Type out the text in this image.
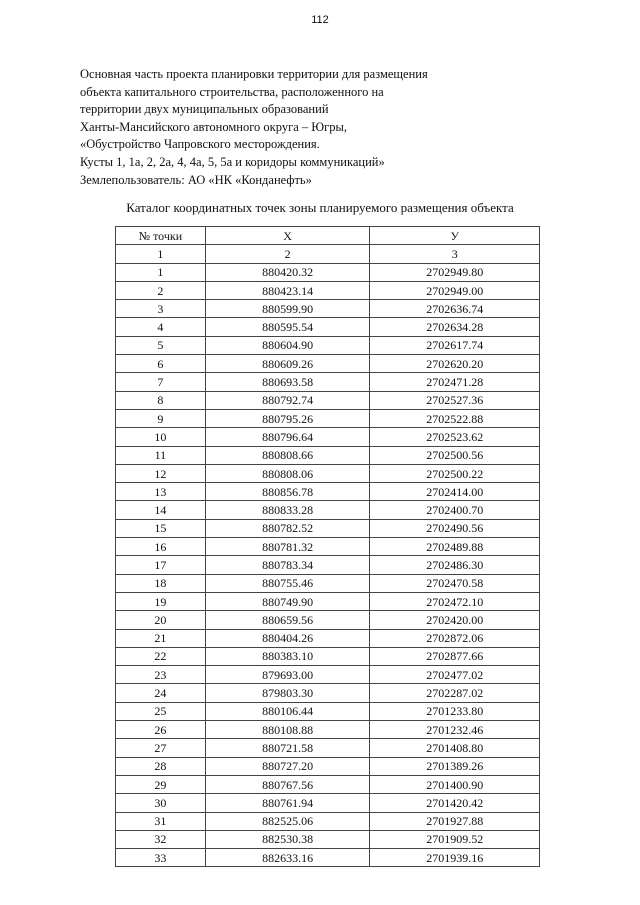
112
Основная часть проекта планировки территории для размещения
объекта капитального строительства, расположенного на
территории двух муниципальных образований
Ханты-Мансийского автономного округа – Югры,
«Обустройство Чапровского месторождения.
Кусты 1, 1а, 2, 2а, 4, 4а, 5, 5а и коридоры коммуникаций»
Землепользователь: АО «НК «Конданефть»
Каталог координатных точек зоны планируемого размещения объекта
№ точки	Х	У
1	2	3
1	880420.32	2702949.80
2	880423.14	2702949.00
3	880599.90	2702636.74
4	880595.54	2702634.28
5	880604.90	2702617.74
6	880609.26	2702620.20
7	880693.58	2702471.28
8	880792.74	2702527.36
9	880795.26	2702522.88
10	880796.64	2702523.62
11	880808.66	2702500.56
12	880808.06	2702500.22
13	880856.78	2702414.00
14	880833.28	2702400.70
15	880782.52	2702490.56
16	880781.32	2702489.88
17	880783.34	2702486.30
18	880755.46	2702470.58
19	880749.90	2702472.10
20	880659.56	2702420.00
21	880404.26	2702872.06
22	880383.10	2702877.66
23	879693.00	2702477.02
24	879803.30	2702287.02
25	880106.44	2701233.80
26	880108.88	2701232.46
27	880721.58	2701408.80
28	880727.20	2701389.26
29	880767.56	2701400.90
30	880761.94	2701420.42
31	882525.06	2701927.88
32	882530.38	2701909.52
33	882633.16	2701939.16
